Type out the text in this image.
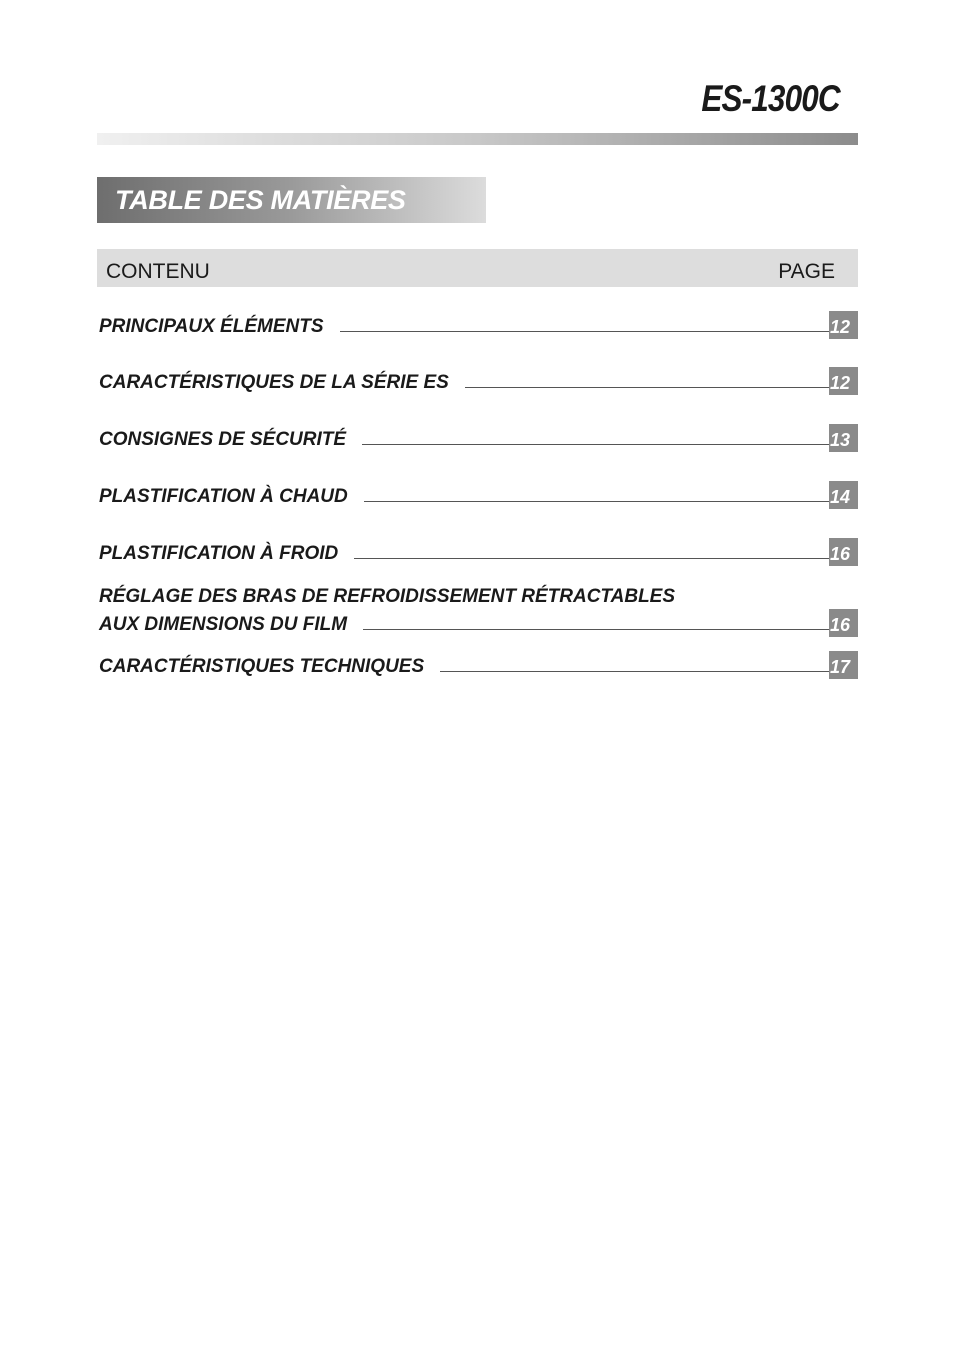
ES-1300C
TABLE DES MATIÈRES
CONTENU	PAGE
PRINCIPAUX ÉLÉMENTS	12
CARACTÉRISTIQUES DE LA SÉRIE ES	12
CONSIGNES DE SÉCURITÉ	13
PLASTIFICATION À CHAUD	14
PLASTIFICATION À FROID	16
RÉGLAGE DES BRAS DE REFROIDISSEMENT RÉTRACTABLES
AUX DIMENSIONS DU FILM	16
CARACTÉRISTIQUES TECHNIQUES	17
